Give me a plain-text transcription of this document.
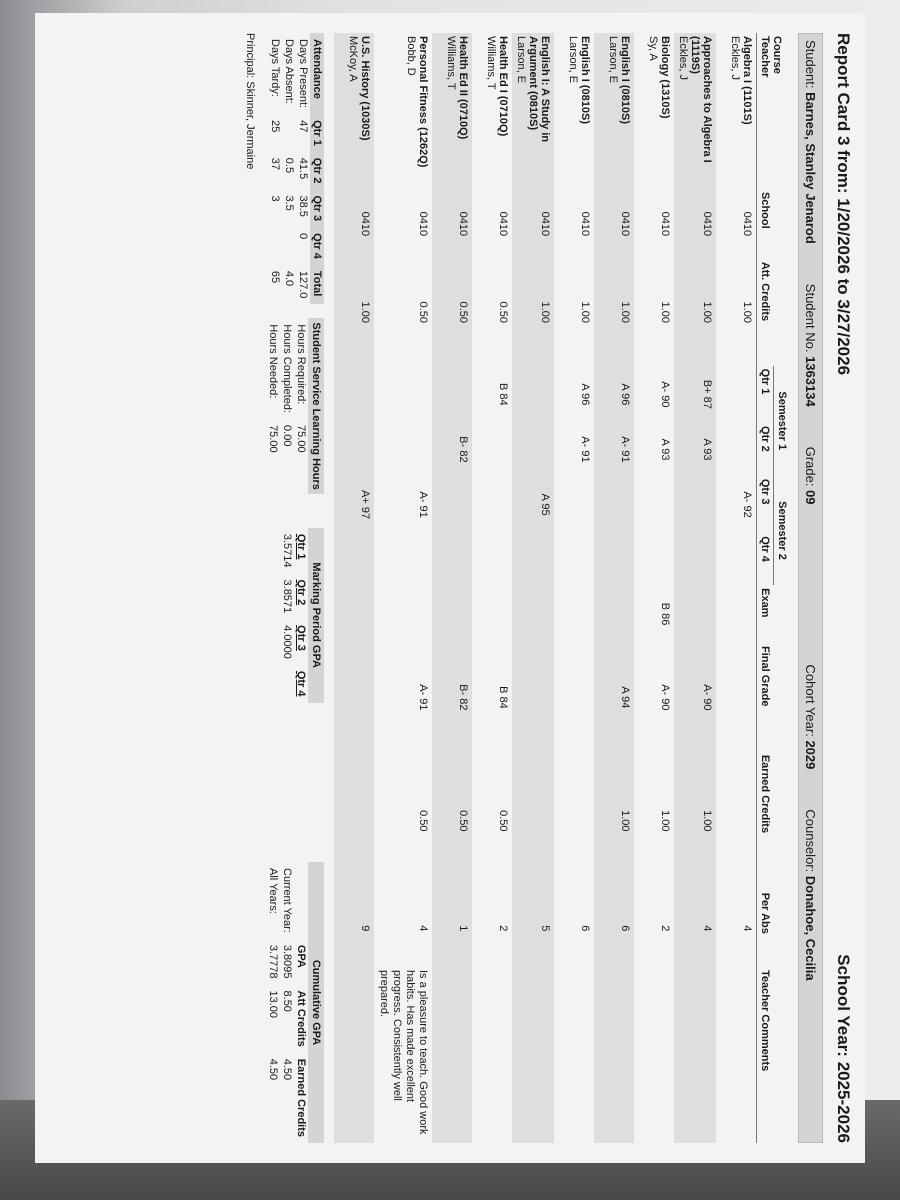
Report Card 3 from: 1/20/2026 to 3/27/2026
School Year: 2025-2026
Student: Barnes, Stanley Jenarod
Student No. 1363134
Grade: 09
Cohort Year: 2029
Counselor: Donahoe, Cecilia
Course
Teacher	School	Att. Credits	Semester 1		Semester 2		Exam	Final Grade	Earned Credits	Per Abs	Teacher Comments
			Qtr 1	Qtr 2	Qtr 3	Qtr 4					

Algebra I (1101S)
Eckles, J	0410	1.00			A- 92					4	

Approaches to Algebra I (1119S)
Eckles, J	0410	1.00	B+ 87	A 93				A- 90	1.00	4	

Biology (1310S)
Sy, A	0410	1.00	A- 90	A 93			B 86	A- 90	1.00	2	

English I (0810S)
Larson, E	0410	1.00	A 96	A- 91				A 94	1.00	6	

English I (0810S)
Larson, E	0410	1.00	A 96	A- 91						6	

English I: A Study in Argument (0810S)
Larson, E	0410	1.00			A 95					5	

Health Ed I (0710Q)
Williams, T	0410	0.50	B 84					B 84	0.50	2	

Health Ed II (0710Q)
Williams, T	0410	0.50		B- 82				B- 82	0.50	1	

Personal Fitness (1262Q)
Bobb, D	0410	0.50			A- 91			A- 91	0.50	4	Is a pleasure to teach. Good work habits. Has made excellent progress. Consistently well prepared.

U.S. History (1030S)
McKoy, A	0410	1.00			A+ 97					9	
Attendance	Qtr 1	Qtr 2	Qtr 3	Qtr 4	Total
Days Present:	47	41.5	38.5	0	127.0
Days Absent:		0.5	3.5		4.0
Days Tardy:	25	37	3		65
Student Service Learning Hours
Hours Required:	75.00
Hours Completed:	0.00
Hours Needed:	75.00
Marking Period GPA
Qtr 1	Qtr 2	Qtr 3	Qtr 4
3.5714	3.8571	4.0000	
Cumulative GPA
	GPA	Att Credits	Earned Credits
Current Year:	3.8095	8.50	4.50
All Years:	3.7778	13.00	4.50
Principal: Skinner, Jermaine
